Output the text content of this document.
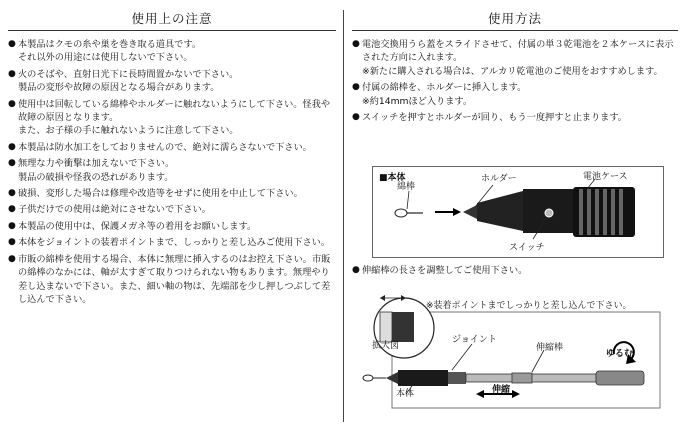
使用上の注意
● 本製品はクモの糸や巣を巻き取る道具です。
それ以外の用途には使用しないで下さい。
● 火のそばや、直射日光下に長時間置かないで下さい。
製品の変形や故障の原因となる場合があります。
● 使用中は回転している綿棒やホルダーに触れないようにして下さい。怪我や故障の原因となります。
また、お子様の手に触れないように注意して下さい。
● 本製品は防水加工をしておりませんので、絶対に濡らさないで下さい。
● 無理な力や衝撃は加えないで下さい。
製品の破損や怪我の恐れがあります。
● 破損、変形した場合は修理や改造等をせずに使用を中止して下さい。
● 子供だけでの使用は絶対にさせないで下さい。
● 本製品の使用中は、保護メガネ等の着用をお願いします。
● 本体をジョイントの装着ポイントまで、しっかりと差し込みご使用下さい。
● 市販の綿棒を使用する場合、本体に無理に挿入するのはお控え下さい。市販の綿棒のなかには、軸が太すぎて取りつけられない物もあります。無理やり差し込まないで下さい。また、細い軸の物は、先端部を少し押しつぶして差し込んで下さい。
使用方法
● 電池交換用うら蓋をスライドさせて、付属の単３乾電池を２本ケースに表示された方向に入れます。
※新たに購入される場合は、アルカリ乾電池のご使用をおすすめします。
● 付属の綿棒を、ホルダーに挿入します。
※約14mmほど入ります。
● スイッチを押すとホルダーが回り、もう一度押すと止まります。
■本体
綿棒
ホルダー	電池ケース
スイッチ
● 伸縮棒の長さを調整してご使用下さい。
※装着ポイントまでしっかりと差し込んで下さい。
拡大図
ジョイント
伸縮棒
ゆるむ
本体	伸縮
